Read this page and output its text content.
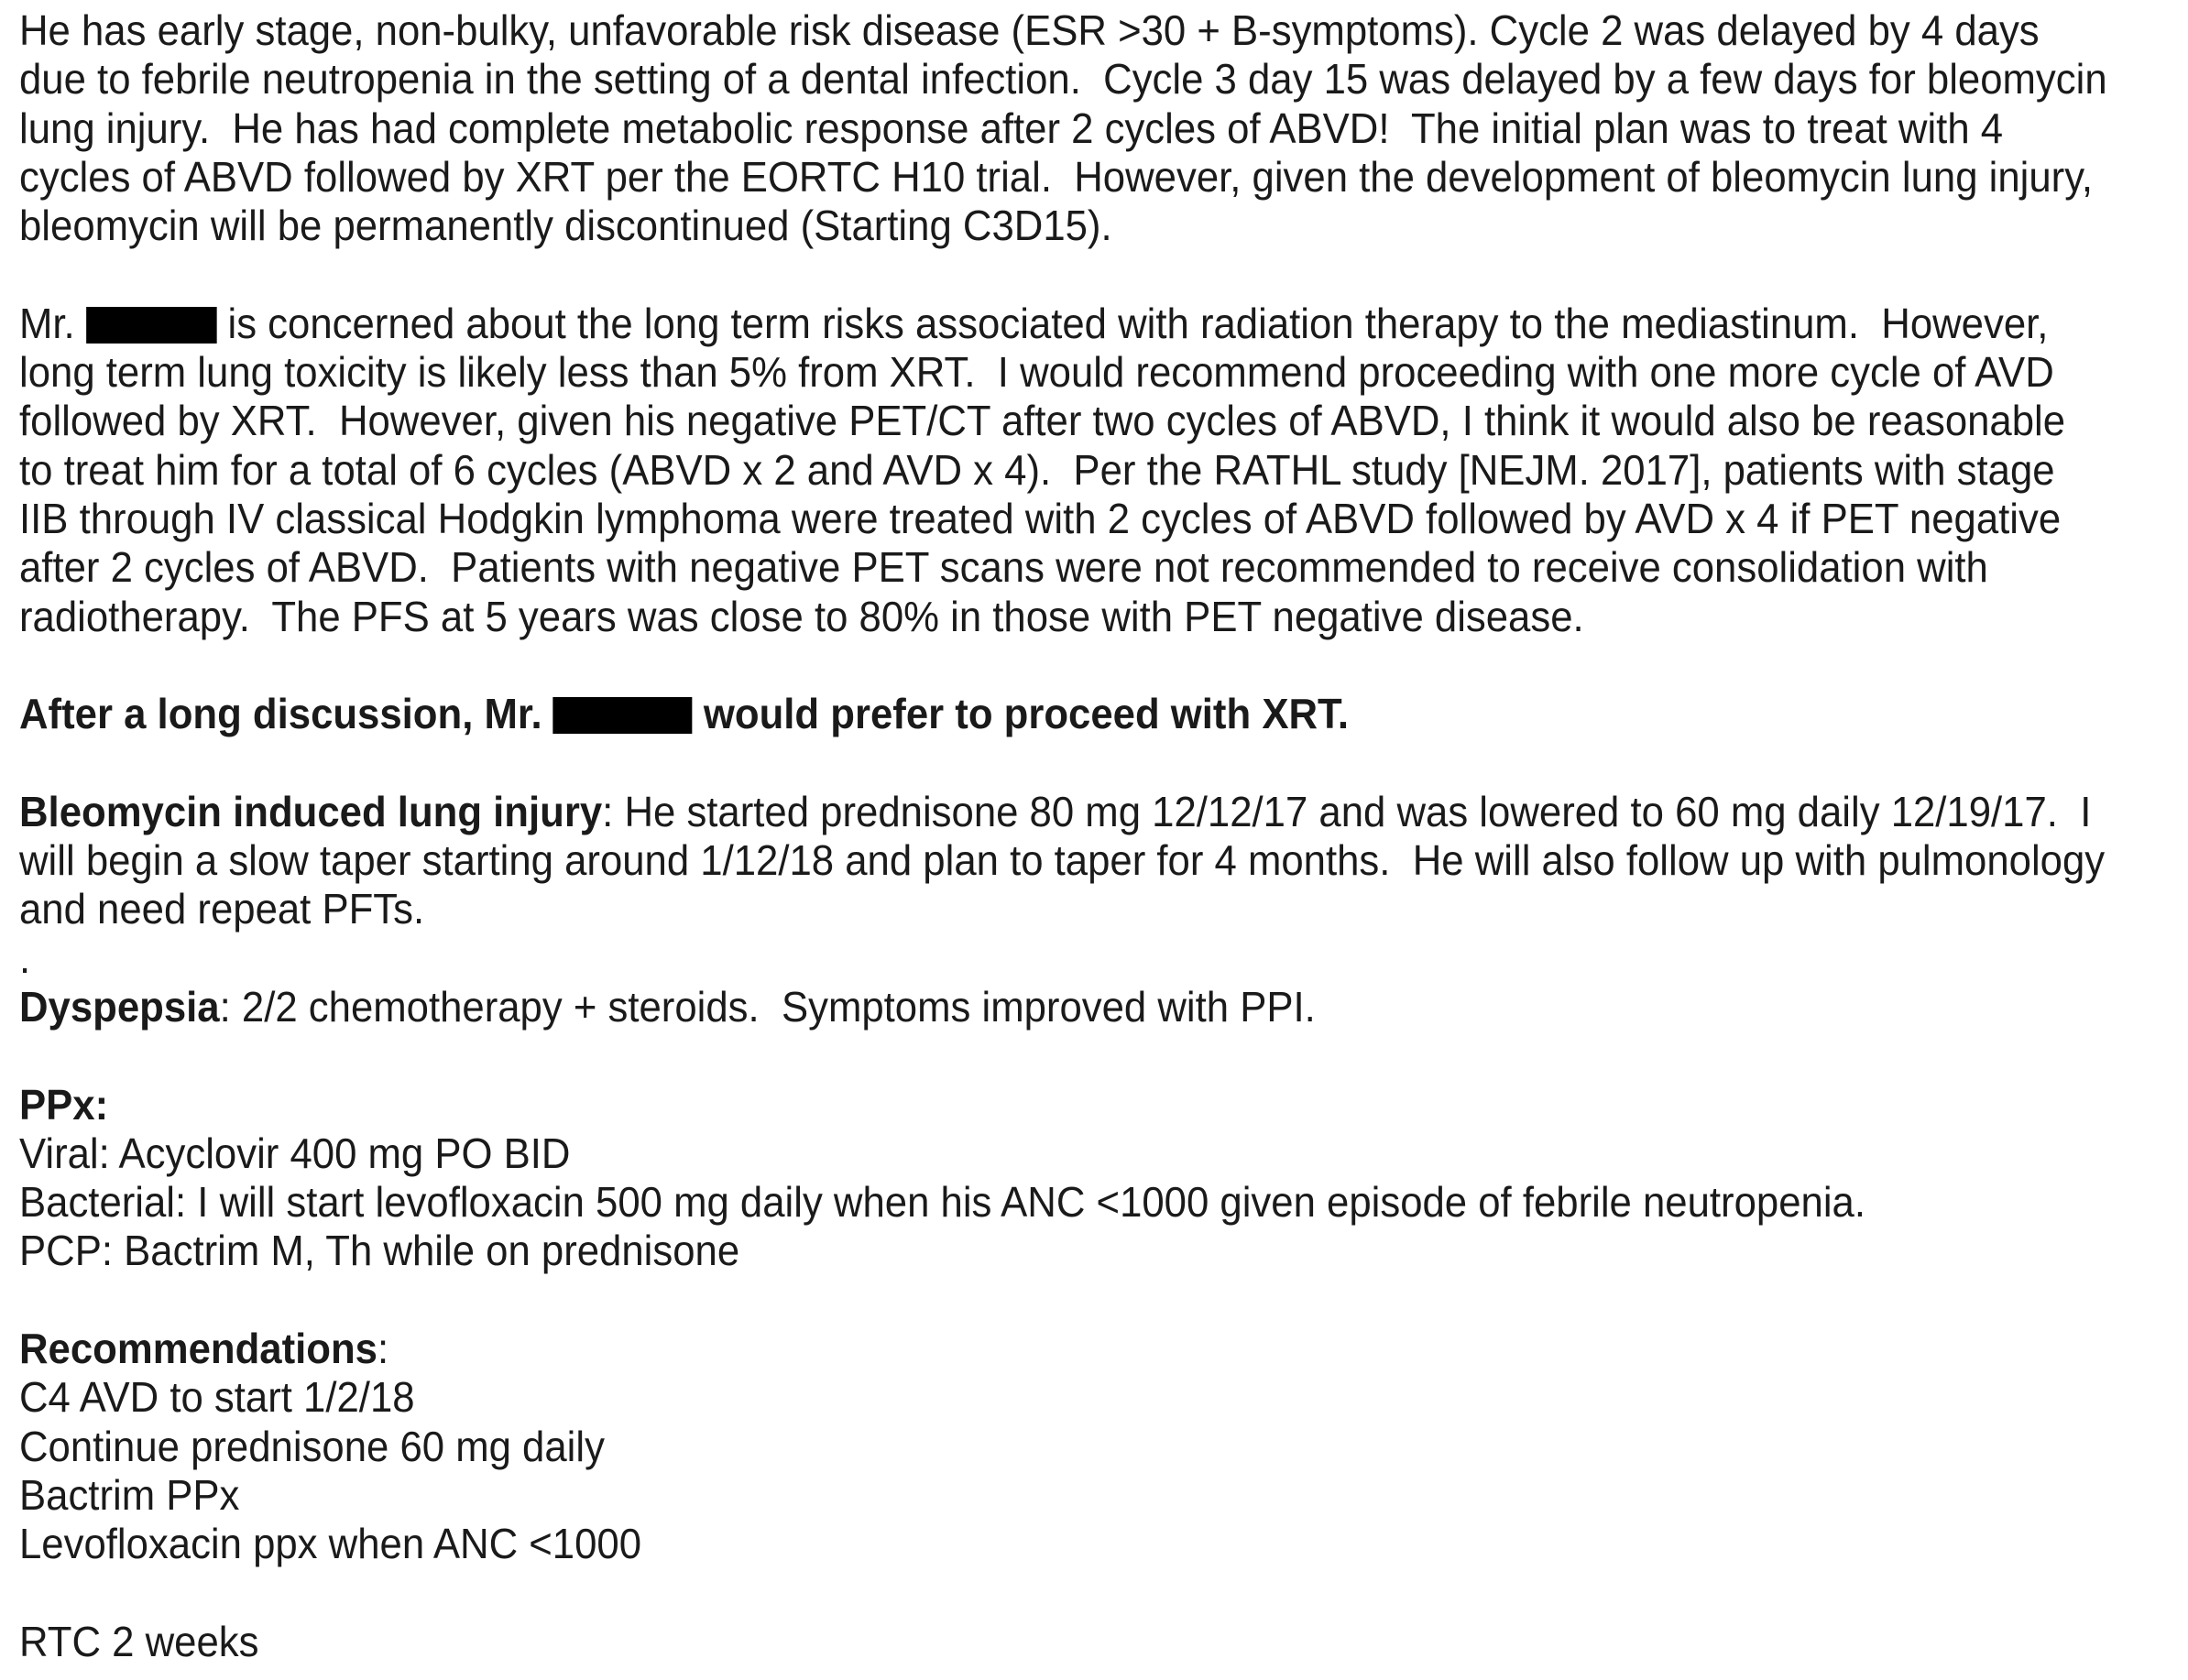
He has early stage, non-bulky, unfavorable risk disease (ESR >30 + B-symptoms). Cycle 2 was delayed by 4 days
due to febrile neutropenia in the setting of a dental infection.  Cycle 3 day 15 was delayed by a few days for bleomycin
lung injury.  He has had complete metabolic response after 2 cycles of ABVD!  The initial plan was to treat with 4
cycles of ABVD followed by XRT per the EORTC H10 trial.  However, given the development of bleomycin lung injury,
bleomycin will be permanently discontinued (Starting C3D15).
Mr.	is concerned about the long term risks associated with radiation therapy to the mediastinum.  However,
long term lung toxicity is likely less than 5% from XRT.  I would recommend proceeding with one more cycle of AVD
followed by XRT.  However, given his negative PET/CT after two cycles of ABVD, I think it would also be reasonable
to treat him for a total of 6 cycles (ABVD x 2 and AVD x 4).  Per the RATHL study [NEJM. 2017], patients with stage
IIB through IV classical Hodgkin lymphoma were treated with 2 cycles of ABVD followed by AVD x 4 if PET negative
after 2 cycles of ABVD.  Patients with negative PET scans were not recommended to receive consolidation with
radiotherapy.  The PFS at 5 years was close to 80% in those with PET negative disease.
After a long discussion, Mr.	would prefer to proceed with XRT.
Bleomycin induced lung injury: He started prednisone 80 mg 12/12/17 and was lowered to 60 mg daily 12/19/17.  I
will begin a slow taper starting around 1/12/18 and plan to taper for 4 months.  He will also follow up with pulmonology
and need repeat PFTs.
.
Dyspepsia: 2/2 chemotherapy + steroids.  Symptoms improved with PPI.
PPx:
Viral: Acyclovir 400 mg PO BID
Bacterial: I will start levofloxacin 500 mg daily when his ANC <1000 given episode of febrile neutropenia.
PCP: Bactrim M, Th while on prednisone
Recommendations:
C4 AVD to start 1/2/18
Continue prednisone 60 mg daily
Bactrim PPx
Levofloxacin ppx when ANC <1000
RTC 2 weeks
